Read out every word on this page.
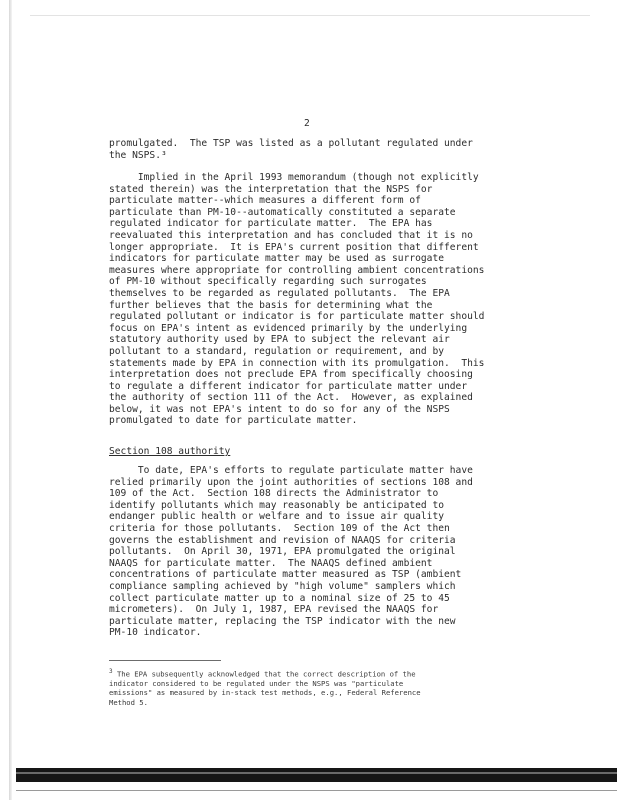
2
promulgated.  The TSP was listed as a pollutant regulated under
the NSPS.³
Implied in the April 1993 memorandum (though not explicitly
stated therein) was the interpretation that the NSPS for
particulate matter--which measures a different form of
particulate than PM-10--automatically constituted a separate
regulated indicator for particulate matter.  The EPA has
reevaluated this interpretation and has concluded that it is no
longer appropriate.  It is EPA's current position that different
indicators for particulate matter may be used as surrogate
measures where appropriate for controlling ambient concentrations
of PM-10 without specifically regarding such surrogates
themselves to be regarded as regulated pollutants.  The EPA
further believes that the basis for determining what the
regulated pollutant or indicator is for particulate matter should
focus on EPA's intent as evidenced primarily by the underlying
statutory authority used by EPA to subject the relevant air
pollutant to a standard, regulation or requirement, and by
statements made by EPA in connection with its promulgation.  This
interpretation does not preclude EPA from specifically choosing
to regulate a different indicator for particulate matter under
the authority of section 111 of the Act.  However, as explained
below, it was not EPA's intent to do so for any of the NSPS
promulgated to date for particulate matter.
Section 108 authority
To date, EPA's efforts to regulate particulate matter have
relied primarily upon the joint authorities of sections 108 and
109 of the Act.  Section 108 directs the Administrator to
identify pollutants which may reasonably be anticipated to
endanger public health or welfare and to issue air quality
criteria for those pollutants.  Section 109 of the Act then
governs the establishment and revision of NAAQS for criteria
pollutants.  On April 30, 1971, EPA promulgated the original
NAAQS for particulate matter.  The NAAQS defined ambient
concentrations of particulate matter measured as TSP (ambient
compliance sampling achieved by "high volume" samplers which
collect particulate matter up to a nominal size of 25 to 45
micrometers).  On July 1, 1987, EPA revised the NAAQS for
particulate matter, replacing the TSP indicator with the new
PM-10 indicator.
$^3$ The EPA subsequently acknowledged that the correct description of the
indicator considered to be regulated under the NSPS was "particulate
emissions" as measured by in-stack test methods, e.g., Federal Reference
Method 5.
